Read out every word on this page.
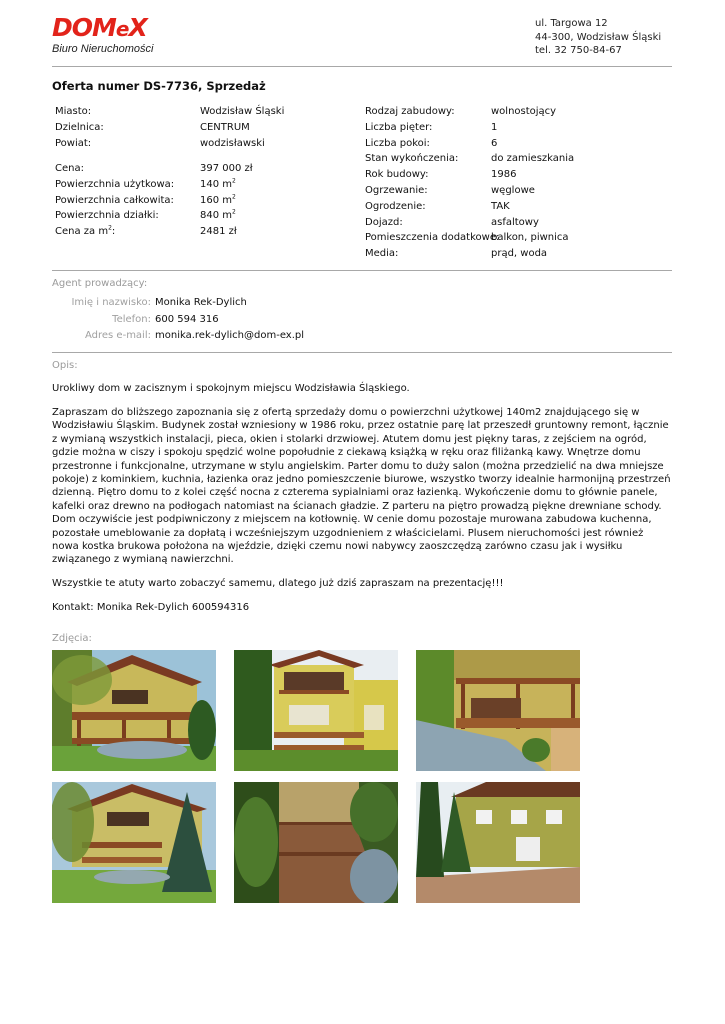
DOMeX
Biuro Nieruchomości
ul. Targowa 12
44-300, Wodzisław Śląski
tel. 32 750-84-67
Oferta numer DS-7736, Sprzedaż
Miasto:	Wodzisław Śląski
Dzielnica:	CENTRUM
Powiat:	wodzisławski
Cena:	397 000 zł
Powierzchnia użytkowa:	140 $m^2$
Powierzchnia całkowita:	160 $m^2$
Powierzchnia działki:	840 $m^2$
Cena za $m^2$:	2481 zł
Rodzaj zabudowy:	wolnostojący
Liczba pięter:	1
Liczba pokoi:	6
Stan wykończenia:	do zamieszkania
Rok budowy:	1986
Ogrzewanie:	węglowe
Ogrodzenie:	TAK
Dojazd:	asfaltowy
Pomieszczenia dodatkowe:
balkon, piwnica
Media:	prąd, woda
Agent prowadzący:
Imię i nazwisko: Monika Rek-Dylich
Telefon: 600 594 316
Adres e-mail: monika.rek-dylich@dom-ex.pl
Opis:

Urokliwy dom w zacisznym i spokojnym miejscu Wodzisławia Śląskiego.

Zapraszam do bliższego zapoznania się z ofertą sprzedaży domu o powierzchni użytkowej 140m2 znajdującego się w Wodzisławiu Śląskim. Budynek został wzniesiony w 1986 roku, przez ostatnie parę lat przeszedł gruntowny remont, łącznie z wymianą wszystkich instalacji, pieca, okien i stolarki drzwiowej. Atutem domu jest piękny taras, z zejściem na ogród, gdzie można w ciszy i spokoju spędzić wolne popołudnie z ciekawą książką w ręku oraz filiżanką kawy. Wnętrze domu przestronne i funkcjonalne, utrzymane w stylu angielskim. Parter domu to duży salon (można przedzielić na dwa mniejsze pokoje) z kominkiem, kuchnia, łazienka oraz jedno pomieszczenie biurowe, wszystko tworzy idealnie harmonijną przestrzeń dzienną. Piętro domu to z kolei część nocna z czterema sypialniami oraz łazienką. Wykończenie domu to głównie panele, kafelki oraz drewno na podłogach natomiast na ścianach gładzie. Z parteru na piętro prowadzą piękne drewniane schody. Dom oczywiście jest podpiwniczony z miejscem na kotłownię. W cenie domu pozostaje murowana zabudowa kuchenna, pozostałe umeblowanie za dopłatą i wcześniejszym uzgodnieniem z właścicielami. Plusem nieruchomości jest również nowa kostka brukowa położona na wjeździe, dzięki czemu nowi nabywcy zaoszczędzą zarówno czasu jak i wysiłku związanego z wymianą nawierzchni.

Wszystkie te atuty warto zobaczyć samemu, dlatego już dziś zapraszam na prezentację!!!

Kontakt: Monika Rek-Dylich 600594316

Zdjęcia:
